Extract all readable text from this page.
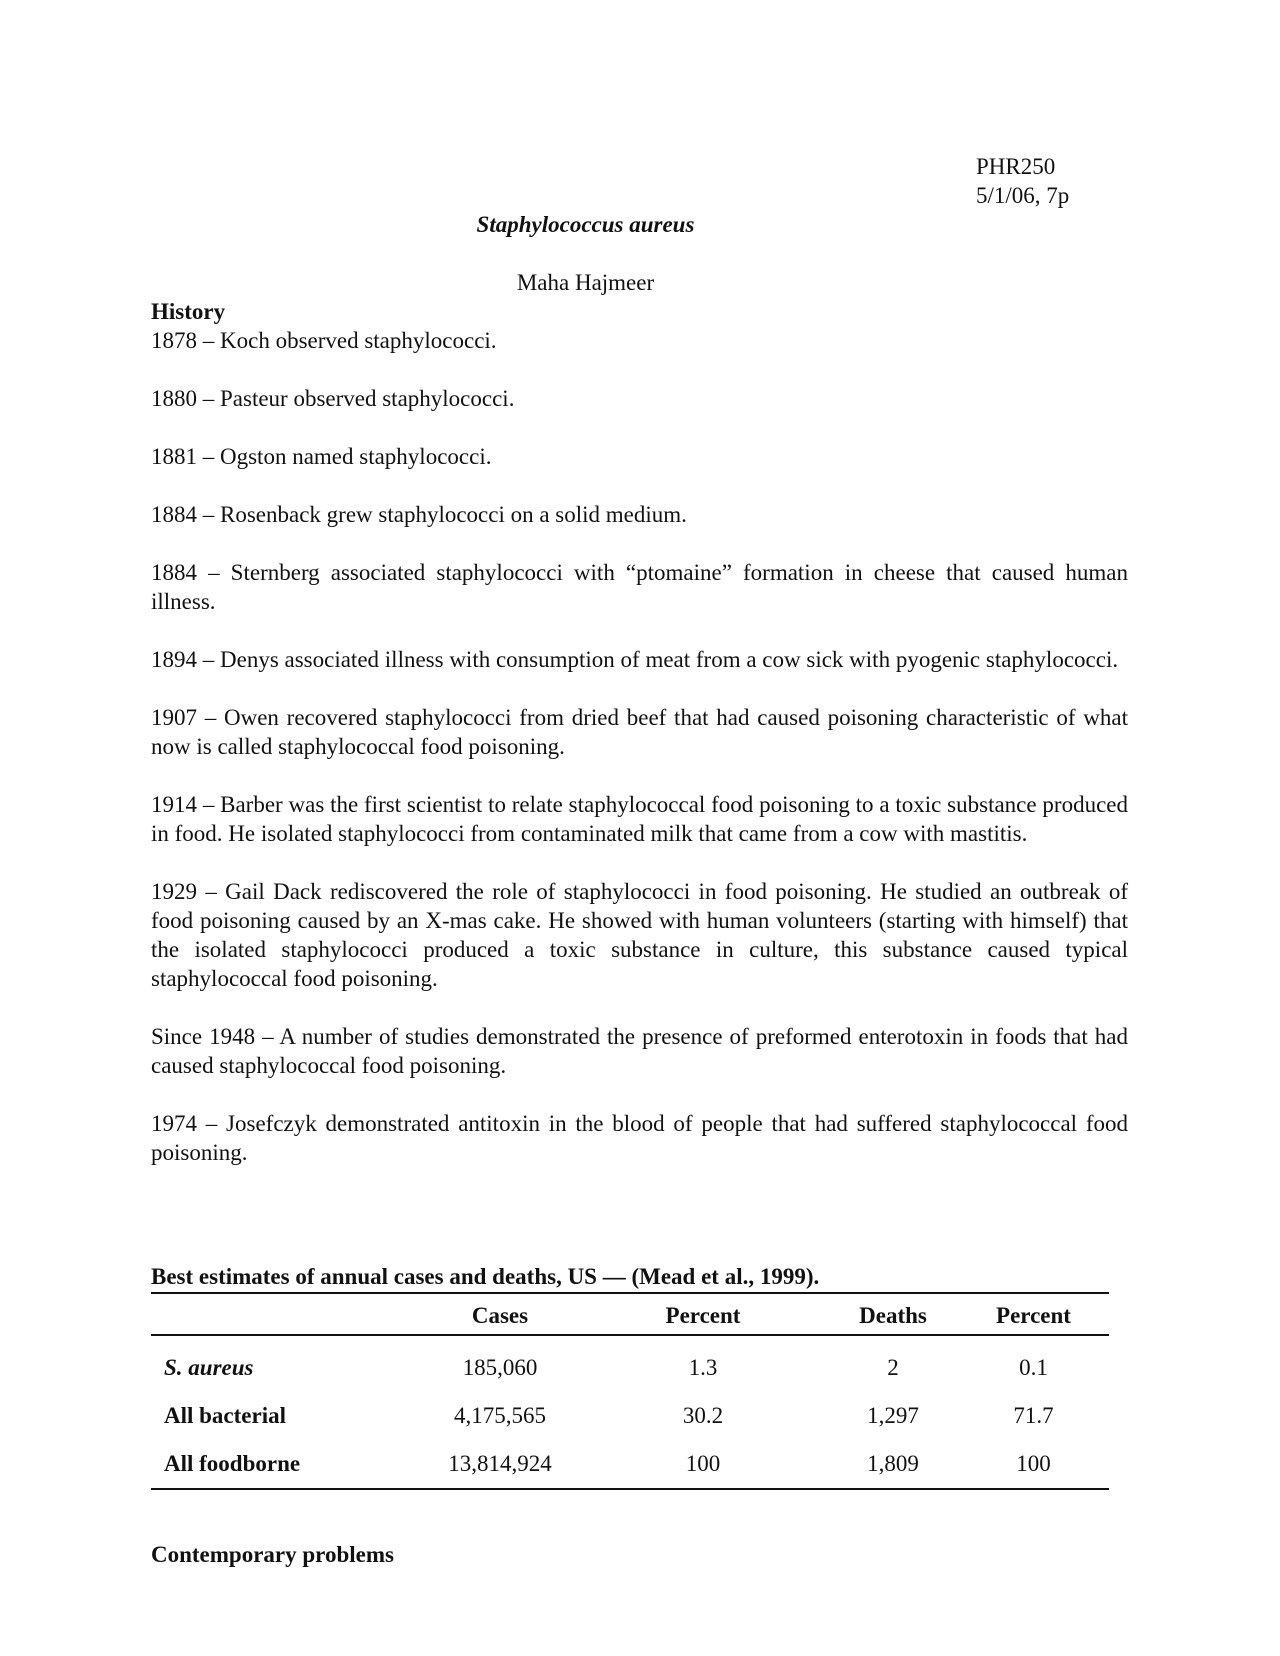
PHR250
5/1/06, 7p
Staphylococcus aureus
Maha Hajmeer
History

1878 – Koch observed staphylococci.

1880 – Pasteur observed staphylococci.

1881 – Ogston named staphylococci.

1884 – Rosenback grew staphylococci on a solid medium.

1884 – Sternberg associated staphylococci with “ptomaine” formation in cheese that caused human illness.

1894 – Denys associated illness with consumption of meat from a cow sick with pyogenic staphylococci.

1907 – Owen recovered staphylococci from dried beef that had caused poisoning characteristic of what now is called staphylococcal food poisoning.

1914 – Barber was the first scientist to relate staphylococcal food poisoning to a toxic substance produced in food. He isolated staphylococci from contaminated milk that came from a cow with mastitis.

1929 – Gail Dack rediscovered the role of staphylococci in food poisoning. He studied an outbreak of food poisoning caused by an X-mas cake. He showed with human volunteers (starting with himself) that the isolated staphylococci produced a toxic substance in culture, this substance caused typical staphylococcal food poisoning.

Since 1948 – A number of studies demonstrated the presence of preformed enterotoxin in foods that had caused staphylococcal food poisoning.

1974 – Josefczyk demonstrated antitoxin in the blood of people that had suffered staphylococcal food poisoning.

Best estimates of annual cases and deaths, US — (Mead et al., 1999).
	Cases	Percent	Deaths	Percent
S. aureus	185,060	1.3	2	0.1
All bacterial	4,175,565	30.2	1,297	71.7
All foodborne	13,814,924	100	1,809	100
Contemporary problems
